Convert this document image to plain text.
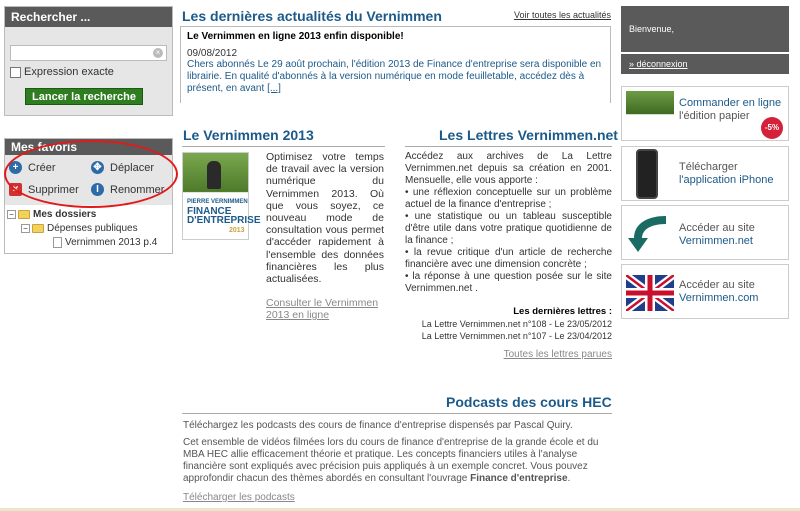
Rechercher ...
×
Expression exacte
Lancer la recherche
Mes favoris
+ Créer	✥ Déplacer
× Supprimer	I	Renommer
− Mes dossiers
− Dépenses publiques
Vernimmen 2013 p.4
Les dernières actualités du Vernimmen	Voir toutes les actualités
Le Vernimmen en ligne 2013 enfin disponible!
09/08/2012
Chers abonnés Le 29 août prochain, l'édition 2013 de Finance d'entreprise sera disponible en librairie. En qualité d'abonnés à la version numérique en mode feuilletable, accédez dès à présent, en avant [...]
Le Vernimmen 2013
PIERRE VERNIMMEN
FINANCE D'ENTREPRISE
2013
Optimisez votre temps de travail avec la version numérique du Vernimmen 2013. Où que vous soyez, ce nouveau mode de consultation vous permet d'accéder rapidement à l'ensemble des données financières les plus actualisées.
Consulter le Vernimmen 2013 en ligne
Les Lettres Vernimmen.net
Accédez aux archives de La Lettre Vernimmen.net depuis sa création en 2001. Mensuelle, elle vous apporte :
• une réflexion conceptuelle sur un problème actuel de la finance d'entreprise ;
• une statistique ou un tableau susceptible d'être utile dans votre pratique quotidienne de la finance ;
• la revue critique d'un article de recherche financière avec une dimension concrète ;
• la réponse à une question posée sur le site Vernimmen.net .
Les dernières lettres :
La Lettre Vernimmen.net n°108 - Le 23/05/2012
La Lettre Vernimmen.net n°107 - Le 23/04/2012
Toutes les lettres parues
Podcasts des cours HEC
Téléchargez les podcasts des cours de finance d'entreprise dispensés par Pascal Quiry.
Cet ensemble de vidéos filmées lors du cours de finance d'entreprise de la grande école et du MBA HEC allie efficacement théorie et pratique. Les concepts financiers utiles à l'analyse financière sont expliqués avec précision puis appliqués à un exemple concret. Vous pouvez approfondir chacun des thèmes abordés en consultant l'ouvrage Finance d'entreprise.
Télécharger les podcasts
Bienvenue,
» déconnexion
Commander en ligne
l'édition papier
-5%
Télécharger
l'application iPhone
Accéder au site
Vernimmen.net
Accéder au site
Vernimmen.com
